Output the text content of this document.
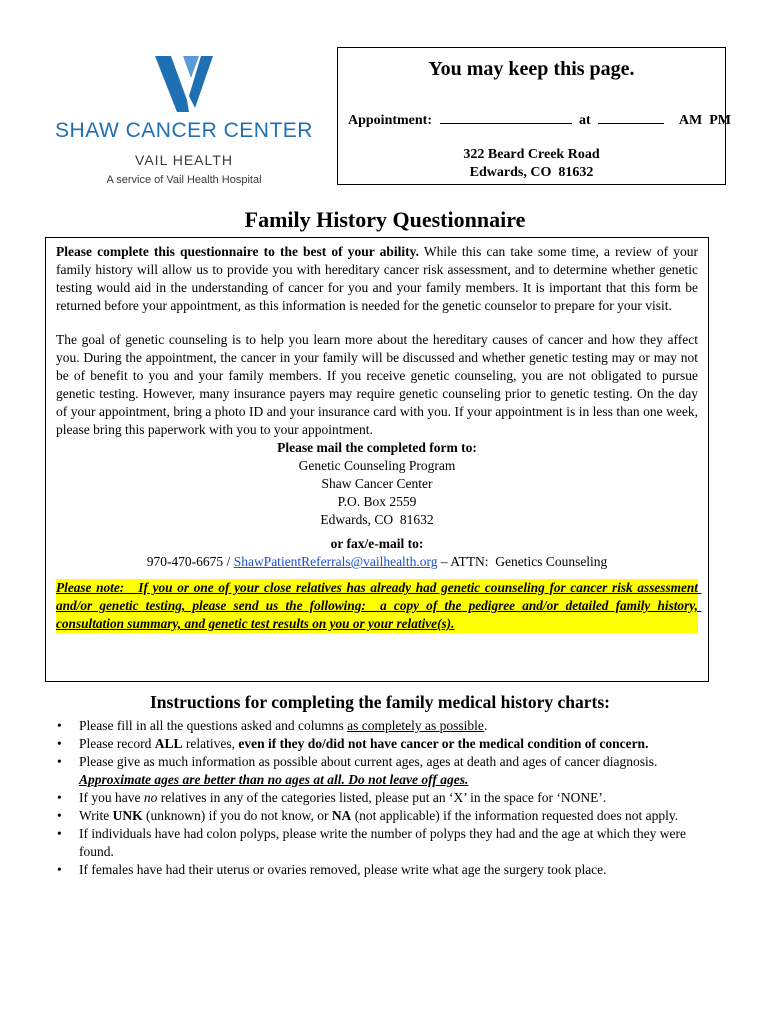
SHAW CANCER CENTER
VAIL HEALTH
A service of Vail Health Hospital
You may keep this page.
Appointment:	at	AM  PM
322 Beard Creek Road
Edwards, CO  81632
Family History Questionnaire

Please complete this questionnaire to the best of your ability. While this can take some time, a review of your family history will allow us to provide you with hereditary cancer risk assessment, and to determine whether genetic testing would aid in the understanding of cancer for you and your family members. It is important that this form be returned before your appointment, as this information is needed for the genetic counselor to prepare for your visit.

The goal of genetic counseling is to help you learn more about the hereditary causes of cancer and how they affect you. During the appointment, the cancer in your family will be discussed and whether genetic testing may or may not be of benefit to you and your family members. If you receive genetic counseling, you are not obligated to pursue genetic testing. However, many insurance payers may require genetic counseling prior to genetic testing. On the day of your appointment, bring a photo ID and your insurance card with you. If your appointment is in less than one week, please bring this paperwork with you to your appointment.

Please mail the completed form to:
Genetic Counseling Program
Shaw Cancer Center
P.O. Box 2559
Edwards, CO  81632
or fax/e-mail to:
970-470-6675 / ShawPatientReferrals@vailhealth.org – ATTN:  Genetics Counseling
Please note:   If you or one of your close relatives has already had genetic counseling for cancer risk assessment and/or genetic testing, please send us the following:  a copy of the pedigree and/or detailed family history, consultation summary, and genetic test results on you or your relative(s).
Instructions for completing the family medical history charts:
• Please fill in all the questions asked and columns as completely as possible.
• Please record ALL relatives, even if they do/did not have cancer or the medical condition of concern.
• Please give as much information as possible about current ages, ages at death and ages of cancer diagnosis.  Approximate ages are better than no ages at all. Do not leave off ages.
• If you have no relatives in any of the categories listed, please put an ‘X’ in the space for ‘NONE’.
• Write UNK (unknown) if you do not know, or NA (not applicable) if the information requested does not apply.
• If individuals have had colon polyps, please write the number of polyps they had and the age at which they were found.
• If females have had their uterus or ovaries removed, please write what age the surgery took place.
